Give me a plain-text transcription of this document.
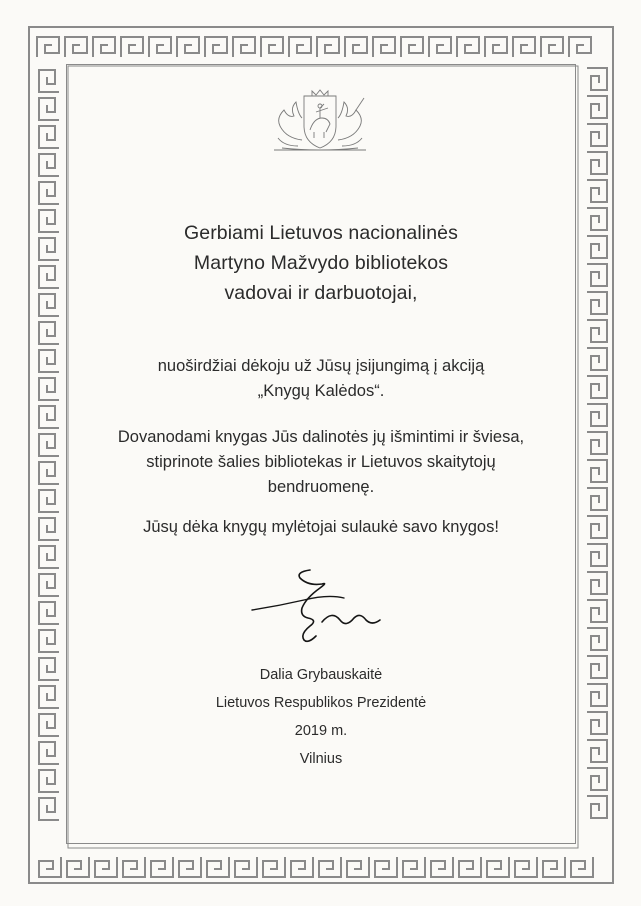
Gerbiami Lietuvos nacionalinės
Martyno Mažvydo bibliotekos
vadovai ir darbuotojai,
nuoširdžiai dėkoju už Jūsų įsijungimą į akciją
„Knygų Kalėdos“.
Dovanodami knygas Jūs dalinotės jų išmintimi ir šviesa,
stiprinote šalies bibliotekas ir Lietuvos skaitytojų
bendruomenę.
Jūsų dėka knygų mylėtojai sulaukė savo knygos!
Dalia Grybauskaitė
Lietuvos Respublikos Prezidentė
2019 m.
Vilnius
